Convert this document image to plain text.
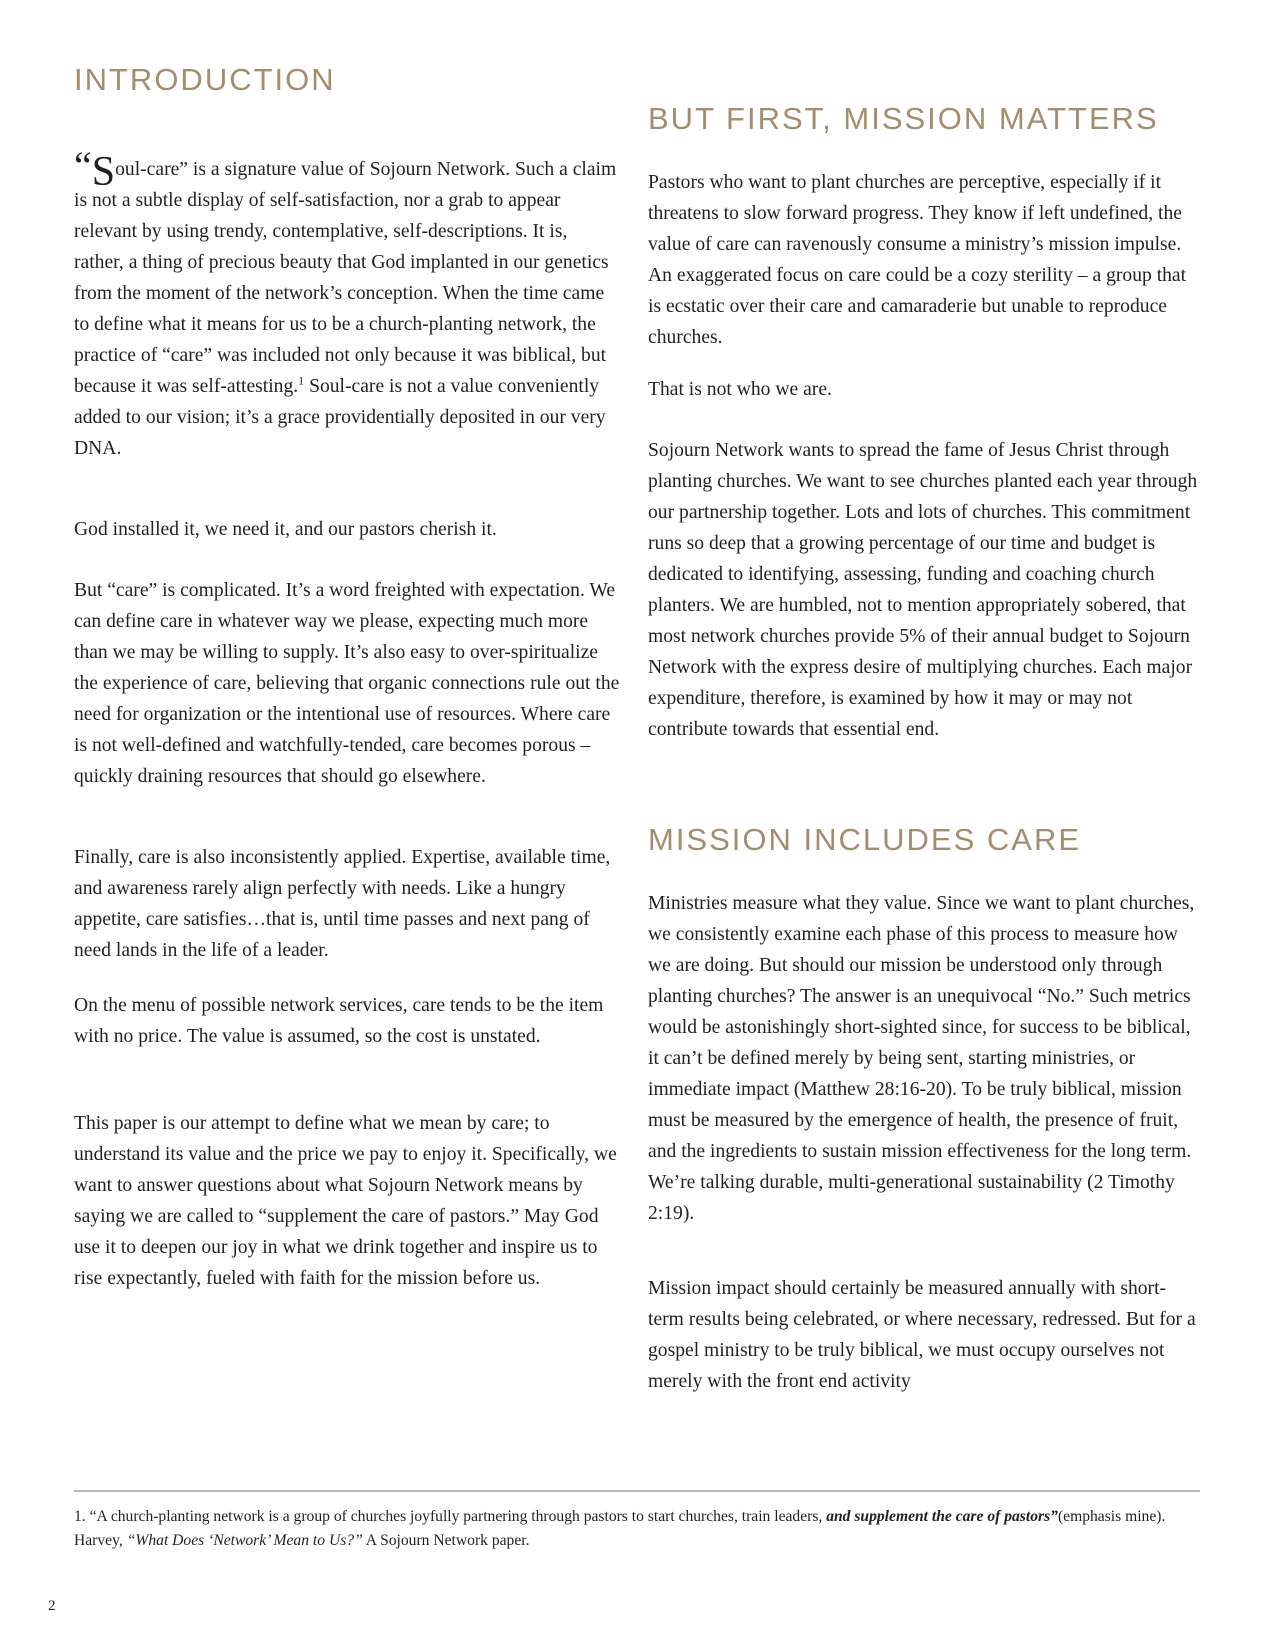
INTRODUCTION

“Soul-care” is a signature value of Sojourn Network. Such a claim is not a subtle display of self-satisfaction, nor a grab to appear relevant by using trendy, contemplative, self-descriptions. It is, rather, a thing of precious beauty that God implanted in our genetics from the moment of the network’s conception. When the time came to define what it means for us to be a church-planting network, the practice of “care” was included not only because it was biblical, but because it was self-attesting.$^1$ Soul-care is not a value conveniently added to our vision; it’s a grace providentially deposited in our very DNA.

God installed it, we need it, and our pastors cherish it.

But “care” is complicated. It’s a word freighted with expectation. We can define care in whatever way we please, expecting much more than we may be willing to supply. It’s also easy to over-spiritualize the experience of care, believing that organic connections rule out the need for organization or the intentional use of resources. Where care is not well-defined and watchfully-tended, care becomes porous – quickly draining resources that should go elsewhere.

Finally, care is also inconsistently applied. Expertise, available time, and awareness rarely align perfectly with needs. Like a hungry appetite, care satisfies…that is, until time passes and next pang of need lands in the life of a leader.

On the menu of possible network services, care tends to be the item with no price. The value is assumed, so the cost is unstated.

This paper is our attempt to define what we mean by care; to understand its value and the price we pay to enjoy it. Specifically, we want to answer questions about what Sojourn Network means by saying we are called to “supplement the care of pastors.” May God use it to deepen our joy in what we drink together and inspire us to rise expectantly, fueled with faith for the mission before us.

BUT FIRST, MISSION MATTERS

Pastors who want to plant churches are perceptive, especially if it threatens to slow forward progress. They know if left undefined, the value of care can ravenously consume a ministry’s mission impulse. An exaggerated focus on care could be a cozy sterility – a group that is ecstatic over their care and camaraderie but unable to reproduce churches.

That is not who we are.

Sojourn Network wants to spread the fame of Jesus Christ through planting churches. We want to see churches planted each year through our partnership together. Lots and lots of churches. This commitment runs so deep that a growing percentage of our time and budget is dedicated to identifying, assessing, funding and coaching church planters. We are humbled, not to mention appropriately sobered, that most network churches provide 5% of their annual budget to Sojourn Network with the express desire of multiplying churches. Each major expenditure, therefore, is examined by how it may or may not contribute towards that essential end.

MISSION INCLUDES CARE

Ministries measure what they value. Since we want to plant churches, we consistently examine each phase of this process to measure how we are doing. But should our mission be understood only through planting churches? The answer is an unequivocal “No.” Such metrics would be astonishingly short-sighted since, for success to be biblical, it can’t be defined merely by being sent, starting ministries, or immediate impact (Matthew 28:16-20). To be truly biblical, mission must be measured by the emergence of health, the presence of fruit, and the ingredients to sustain mission effectiveness for the long term. We’re talking durable, multi-generational sustainability (2 Timothy 2:19).

Mission impact should certainly be measured annually with short-term results being celebrated, or where necessary, redressed. But for a gospel ministry to be truly biblical, we must occupy ourselves not merely with the front end activity

1. “A church-planting network is a group of churches joyfully partnering through pastors to start churches, train leaders, and supplement the care of pastors”(emphasis mine). Harvey, “What Does ‘Network’ Mean to Us?” A Sojourn Network paper.

2
